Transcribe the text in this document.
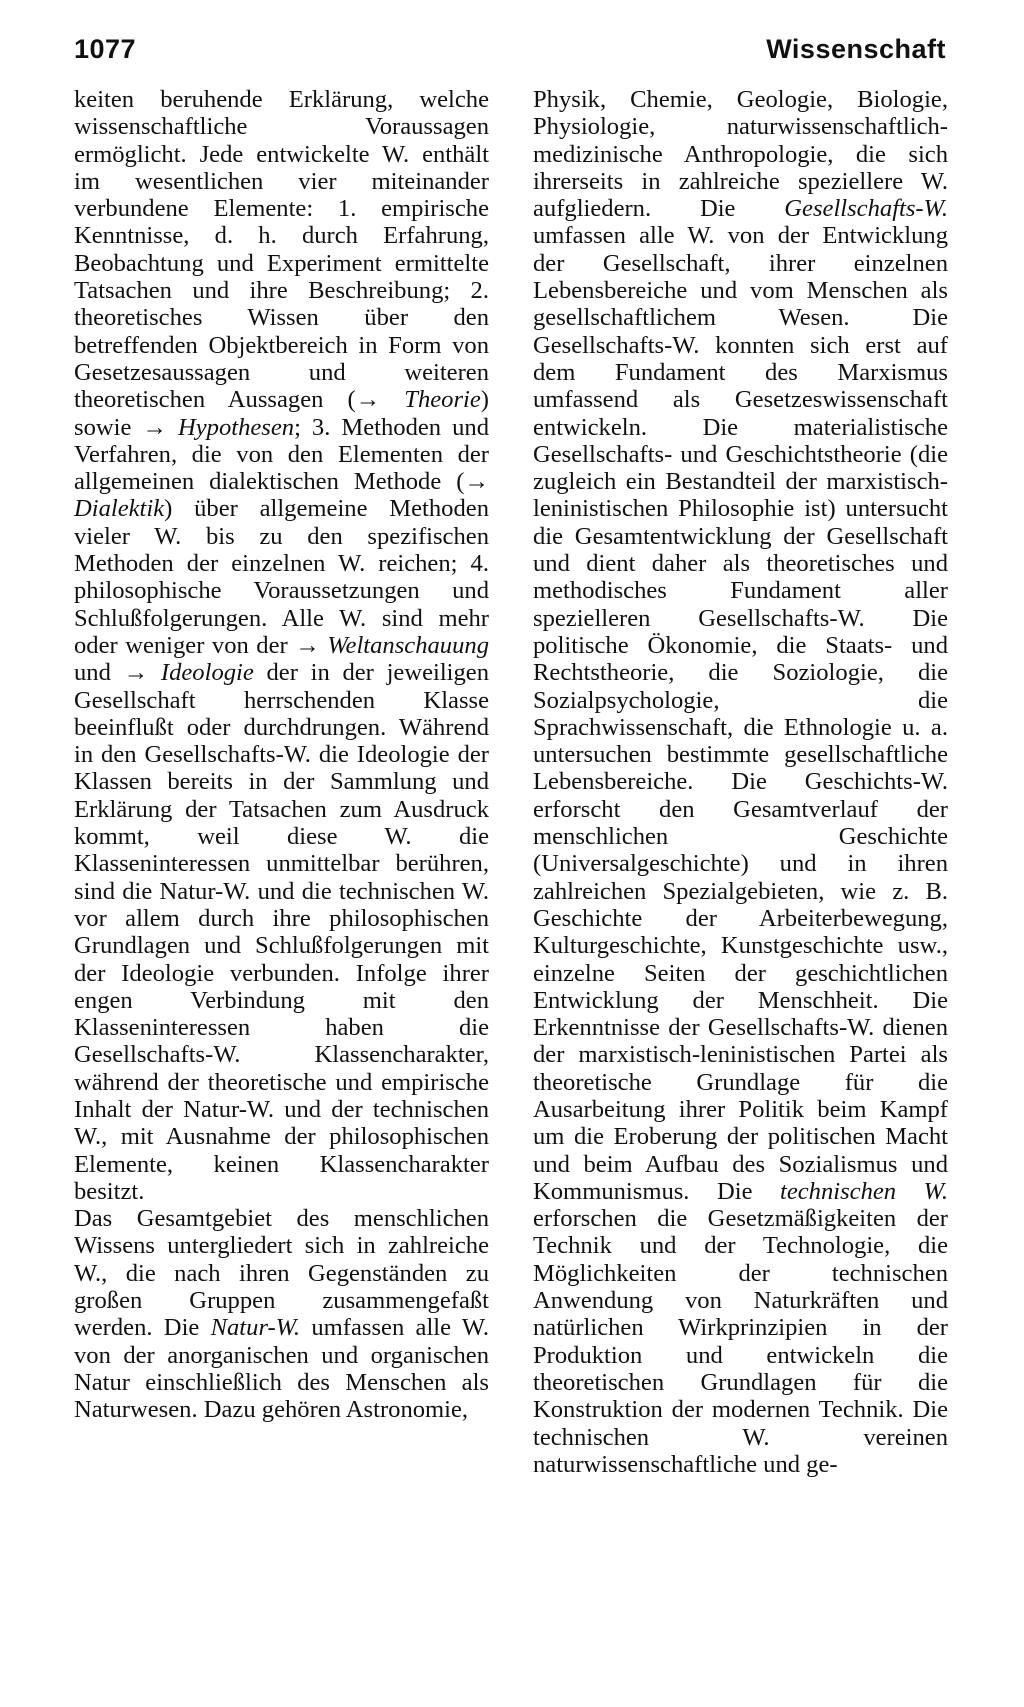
1077	Wissenschaft

keiten beruhende Erklärung, welche wissenschaftliche Voraussagen ermöglicht. Jede entwickelte W. enthält im wesentlichen vier miteinander verbundene Elemente: 1. empirische Kenntnisse, d. h. durch Erfahrung, Beobachtung und Experiment ermittelte Tatsachen und ihre Beschreibung; 2. theoretisches Wissen über den betreffenden Objektbereich in Form von Gesetzesaussagen und weiteren theoretischen Aussagen (→ Theorie) sowie → Hypothesen; 3. Methoden und Verfahren, die von den Elementen der allgemeinen dialektischen Methode (→ Dialektik) über allgemeine Methoden vieler W. bis zu den spezifischen Methoden der einzelnen W. reichen; 4. philosophische Voraussetzungen und Schlußfolgerungen. Alle W. sind mehr oder weniger von der → Weltanschauung und → Ideologie der in der jeweiligen Gesellschaft herrschenden Klasse beeinflußt oder durchdrungen. Während in den Gesellschafts-W. die Ideologie der Klassen bereits in der Sammlung und Erklärung der Tatsachen zum Ausdruck kommt, weil diese W. die Klasseninteressen unmittelbar berühren, sind die Natur-W. und die technischen W. vor allem durch ihre philosophischen Grundlagen und Schlußfolgerungen mit der Ideologie verbunden. Infolge ihrer engen Verbindung mit den Klasseninteressen haben die Gesellschafts-W. Klassencharakter, während der theoretische und empirische Inhalt der Natur-W. und der technischen W., mit Ausnahme der philosophischen Elemente, keinen Klassencharakter besitzt.

Das Gesamtgebiet des menschlichen Wissens untergliedert sich in zahlreiche W., die nach ihren Gegenständen zu großen Gruppen zusammengefaßt werden. Die Natur-W. umfassen alle W. von der anorganischen und organischen Natur einschließlich des Menschen als Naturwesen. Dazu gehören Astronomie,

Physik, Chemie, Geologie, Biologie, Physiologie, naturwissenschaftlich-medizinische Anthropologie, die sich ihrerseits in zahlreiche speziellere W. aufgliedern. Die Gesellschafts-W. umfassen alle W. von der Entwicklung der Gesellschaft, ihrer einzelnen Lebensbereiche und vom Menschen als gesellschaftlichem Wesen. Die Gesellschafts-W. konnten sich erst auf dem Fundament des Marxismus umfassend als Gesetzeswissenschaft entwickeln. Die materialistische Gesellschafts- und Geschichtstheorie (die zugleich ein Bestandteil der marxistisch-leninistischen Philosophie ist) untersucht die Gesamtentwicklung der Gesellschaft und dient daher als theoretisches und methodisches Fundament aller spezielleren Gesellschafts-W. Die politische Ökonomie, die Staats- und Rechtstheorie, die Soziologie, die Sozialpsychologie, die Sprachwissenschaft, die Ethnologie u. a. untersuchen bestimmte gesellschaftliche Lebensbereiche. Die Geschichts-W. erforscht den Gesamtverlauf der menschlichen Geschichte (Universalgeschichte) und in ihren zahlreichen Spezialgebieten, wie z. B. Geschichte der Arbeiterbewegung, Kulturgeschichte, Kunstgeschichte usw., einzelne Seiten der geschichtlichen Entwicklung der Menschheit. Die Erkenntnisse der Gesellschafts-W. dienen der marxistisch-leninistischen Partei als theoretische Grundlage für die Ausarbeitung ihrer Politik beim Kampf um die Eroberung der politischen Macht und beim Aufbau des Sozialismus und Kommunismus. Die technischen W. erforschen die Gesetzmäßigkeiten der Technik und der Technologie, die Möglichkeiten der technischen Anwendung von Naturkräften und natürlichen Wirkprinzipien in der Produktion und entwickeln die theoretischen Grundlagen für die Konstruktion der modernen Technik. Die technischen W. vereinen naturwissenschaftliche und ge-
